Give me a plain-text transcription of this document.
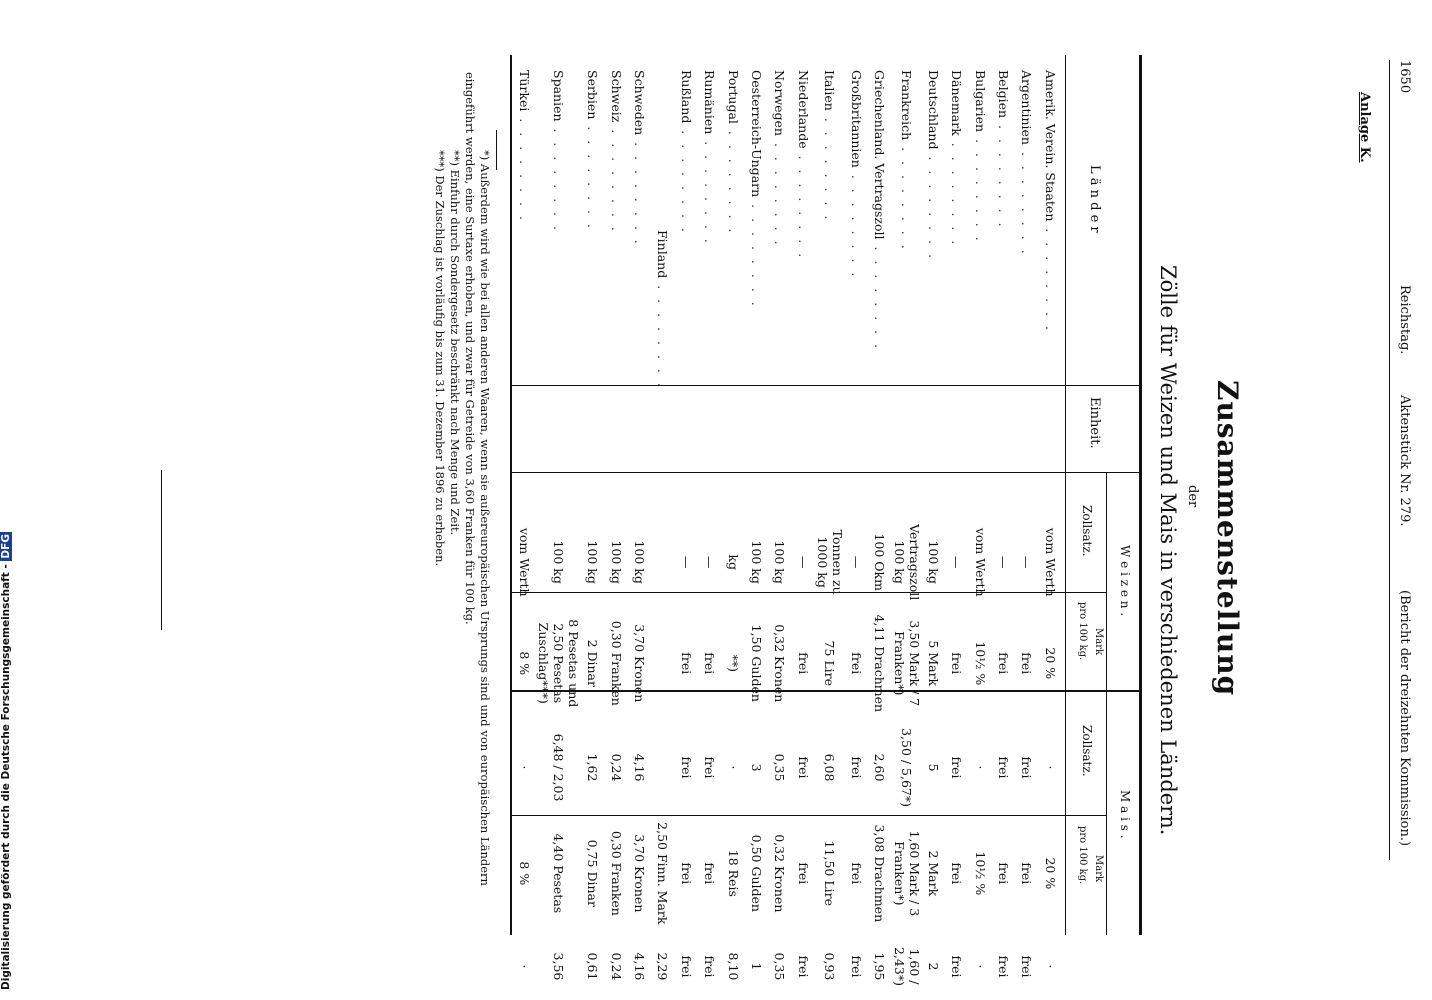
1650
Reichstag.
Aktenstück Nr. 279.
(Bericht der dreizehnten Kommission.)
Anlage K.
Zusammenstellung
der
Zölle für Weizen und Mais in verschiedenen Ländern.
L ä n d e r
Einheit.
W e i z e n .
M a i s .
Zollsatz.
Mark
pro 100 kg.
Zollsatz.
Mark
pro 100 kg.
Amerik. Verein. Staaten . . . . . . . .	vom Werth	20 %	·	20 %	·
Argentinien . . . . . . . .	—	frei	frei	frei	frei
Belgien . . . . . . . .	—	frei	frei	frei	frei
Bulgarien . . . . . . . .	vom Werth	10½ %	·	10½ %	·
Dänemark . . . . . . . .	—	frei	frei	frei	frei
Deutschland . . . . . . . .	100 kg	5 Mark	5	2 Mark	2
Frankreich . . . . . . . .	Vertragszoll 100 kg	3,50 Mark / 7 Franken*)	3,50 / 5,67*)	1,60 Mark / 3 Franken*)	1,60 / 2,43*)
Griechenland. Vertragszoll . . . . . . . .	100 Okm	4,11 Drachmen	2,60	3,08 Drachmen	1,95
Großbritannien . . . . . . . .	—	frei	frei	frei	frei
Italien . . . . . . . .	Tonnen zu 1000 kg	75 Lire	6,08	11,50 Lire	0,93
Niederlande . . . . . . . .	—	frei	frei	frei	frei
Norwegen . . . . . . . .	100 kg	0,32 Kronen	0,35	0,32 Kronen	0,35
Oesterreich-Ungarn . . . . . . . .	100 kg	1,50 Gulden	3	0,50 Gulden	1
Portugal . . . . . . . .	kg	**)	·	18 Reis	8,10
Rumänien . . . . . . . .	—	frei	frei	frei	frei
Rußland . . . . . . . .	—	frei	frei	frei	frei
Finland . . . . . . . .				2,50 Finn. Mark	2,29
Schweden . . . . . . . .	100 kg	3,70 Kronen	4,16	3,70 Kronen	4,16
Schweiz . . . . . . . .	100 kg	0,30 Franken	0,24	0,30 Franken	0,24
Serbien . . . . . . . .	100 kg	2 Dinar	1,62	0,75 Dinar	0,61
Spanien . . . . . . . .	100 kg	8 Pesetas und 2,50 Pesetas Zuschlag***)	6,48 / 2,03	4,40 Pesetas	3,56
Türkei . . . . . . . .	vom Werth	8 %	·	8 %	·
*) Außerdem wird wie bei allen anderen Waaren, wenn sie außereuropäischen Ursprungs sind und von europäischen Ländern
eingeführt werden, eine Surtaxe erhoben, und zwar für Getreide von 3,60 Franken für 100 kg.
**) Einfuhr durch Sondergesetz beschränkt nach Menge und Zeit.
***) Der Zuschlag ist vorläufig bis zum 31. Dezember 1896 zu erheben.
Digitalisierung gefördert durch die Deutsche Forschungsgemeinschaft - DFG
